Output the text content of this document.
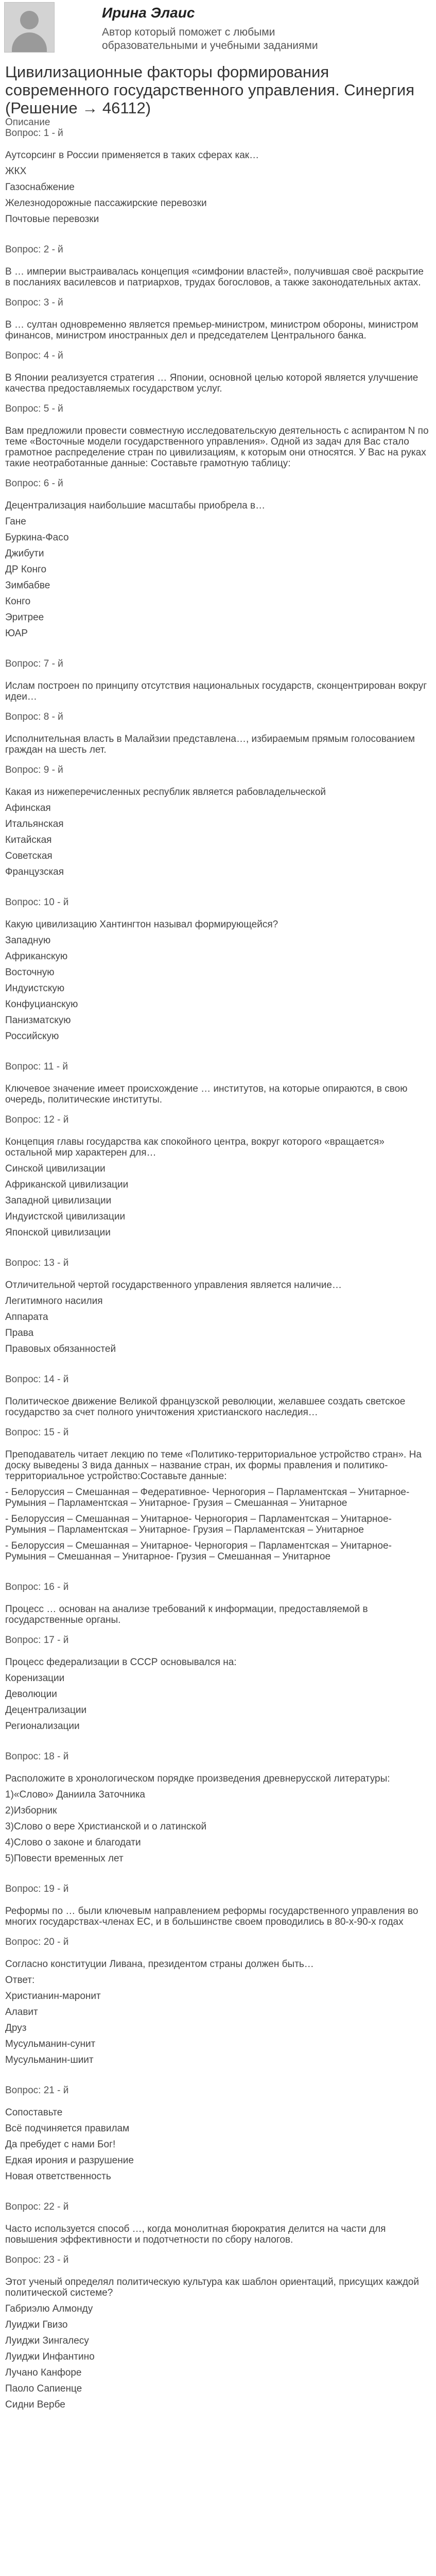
Ирина Элаис
Автор который поможет с любыми образовательными и учебными заданиями
Цивилизационные факторы формирования современного государственного управления. Синергия (Решение → 46112)
Описание
Вопрос: 1 - й
Аутсорсинг в России применяется в таких сферах как…
ЖКХ
Газоснабжение
Железнодорожные пассажирские перевозки
Почтовые перевозки
Вопрос: 2 - й
В … империи выстраивалась концепция «симфонии властей», получившая своё раскрытие в посланиях василевсов и патриархов, трудах богословов, а также законодательных актах.
Вопрос: 3 - й
В … султан одновременно является премьер-министром, министром обороны, министром финансов, министром иностранных дел и председателем Центрального банка.
Вопрос: 4 - й
В Японии реализуется стратегия … Японии, основной целью которой является улучшение качества предоставляемых государством услуг.
Вопрос: 5 - й
Вам предложили провести совместную исследовательскую деятельность с аспирантом N по теме «Восточные модели государственного управления». Одной из задач для Вас стало грамотное распределение стран по цивилизациям, к которым они относятся. У Вас на руках такие неотработанные данные: Составьте грамотную таблицу:
Вопрос: 6 - й
Децентрализация наибольшие масштабы приобрела в…
Гане
Буркина-Фасо
Джибути
ДР Конго
Зимбабве
Конго
Эритрее
ЮАР
Вопрос: 7 - й
Ислам построен по принципу отсутствия национальных государств, сконцентрирован вокруг идеи…
Вопрос: 8 - й
Исполнительная власть в Малайзии представлена…, избираемым прямым голосованием граждан на шесть лет.
Вопрос: 9 - й
Какая из нижеперечисленных республик является рабовладельческой
Афинская
Итальянская
Китайская
Советская
Французская
Вопрос: 10 - й
Какую цивилизацию Хантингтон называл формирующейся?
Западную
Африканскую
Восточную
Индуистскую
Конфуцианскую
Панизматскую
Российскую
Вопрос: 11 - й
Ключевое значение имеет происхождение … институтов, на которые опираются, в свою очередь, политические институты.
Вопрос: 12 - й
Концепция главы государства как спокойного центра, вокруг которого «вращается» остальной мир характерен для…
Синской цивилизации
Африканской цивилизации
Западной цивилизации
Индуистской цивилизации
Японской цивилизации
Вопрос: 13 - й
Отличительной чертой государственного управления является наличие…
Легитимного насилия
Аппарата
Права
Правовых обязанностей
Вопрос: 14 - й
Политическое движение Великой французской революции, желавшее создать светское государство за счет полного уничтожения христианского наследия…
Вопрос: 15 - й
Преподаватель читает лекцию по теме «Политико-территориальное устройство стран». На доску выведены 3 вида данных – название стран, их формы правления и политико-территориальное устройство:Составьте данные:
- Белоруссия – Смешанная – Федеративное- Черногория – Парламентская – Унитарное- Румыния – Парламентская – Унитарное- Грузия – Смешанная – Унитарное
- Белоруссия – Смешанная – Унитарное- Черногория – Парламентская – Унитарное- Румыния – Парламентская – Унитарное- Грузия – Парламентская – Унитарное
- Белоруссия – Смешанная – Унитарное- Черногория – Парламентская – Унитарное- Румыния – Смешанная – Унитарное- Грузия – Смешанная – Унитарное
Вопрос: 16 - й
Процесс … основан на анализе требований к информации, предоставляемой в государственные органы.
Вопрос: 17 - й
Процесс федерализации в СССР основывался на:
Коренизации
Деволюции
Децентрализации
Регионализации
Вопрос: 18 - й
Расположите в хронологическом порядке произведения древнерусской литературы:
1)«Слово» Даниила Заточника
2)Изборник
3)Слово о вере Христианской и о латинской
4)Слово о законе и благодати
5)Повести временных лет
Вопрос: 19 - й
Реформы по … были ключевым направлением реформы государственного управления во многих государствах-членах ЕС, и в большинстве своем проводились в 80-х-90-х годах
Вопрос: 20 - й
Согласно конституции Ливана, президентом страны должен быть…
Ответ:
Христианин-маронит
Алавит
Друз
Мусульманин-сунит
Мусульманин-шиит
Вопрос: 21 - й
Сопоставьте
Всё подчиняется правилам
Да пребудет с нами Бог!
Едкая ирония и разрушение
Новая ответственность
Вопрос: 22 - й
Часто используется способ …, когда монолитная бюрократия делится на части для повышения эффективности и подотчетности по сбору налогов.
Вопрос: 23 - й
Этот ученый определял политическую культура как шаблон ориентаций, присущих каждой политической системе?
Габриэлю Алмонду
Луиджи Гвизо
Луиджи Зингалесу
Луиджи Инфантино
Лучано Канфоре
Паоло Сапиенце
Сидни Вербе
